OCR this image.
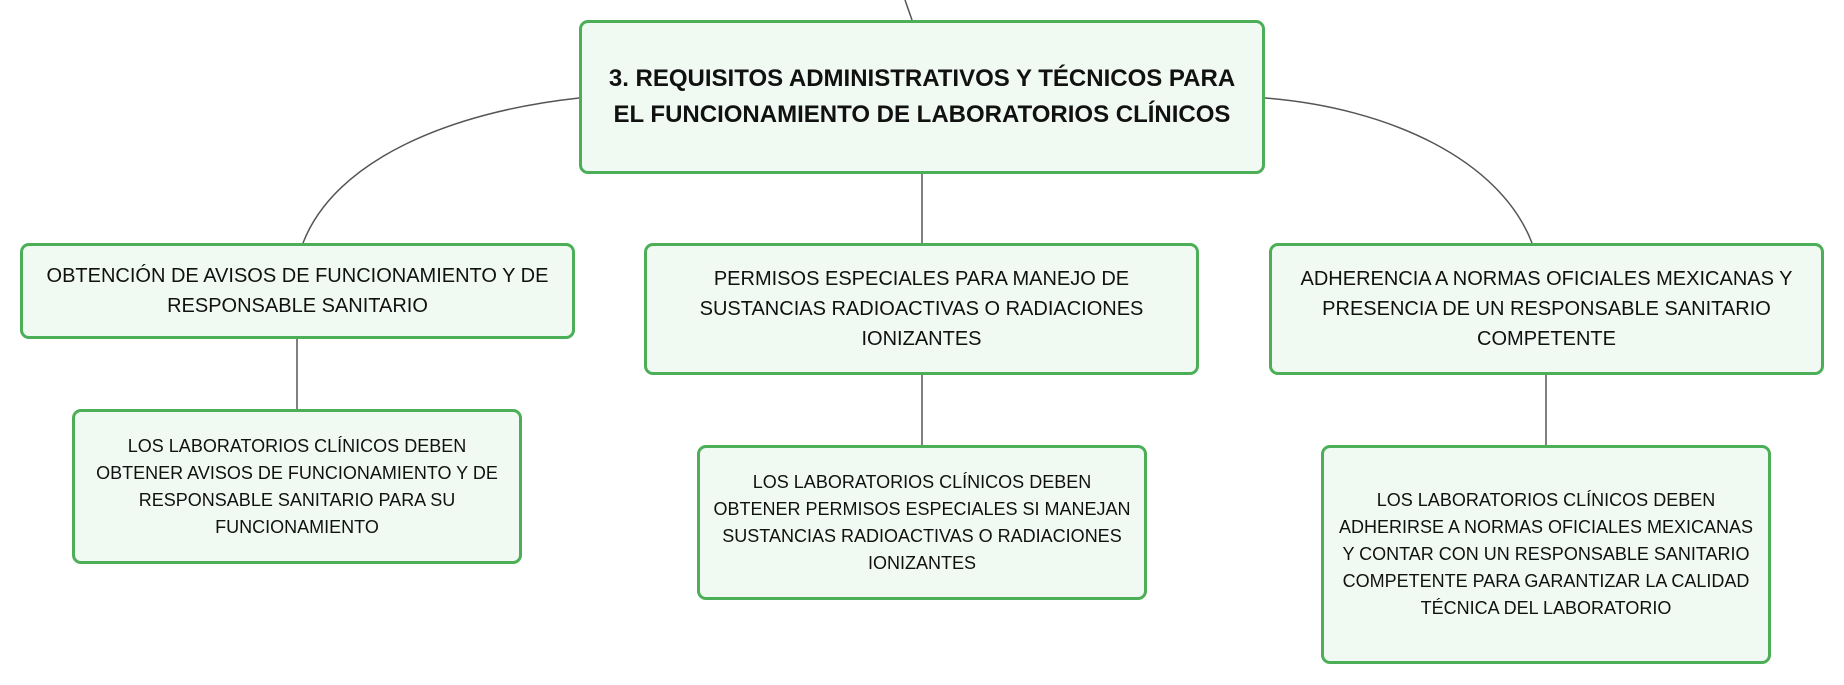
3. REQUISITOS ADMINISTRATIVOS Y TÉCNICOS PARA EL FUNCIONAMIENTO DE LABORATORIOS CLÍNICOS
OBTENCIÓN DE AVISOS DE FUNCIONAMIENTO Y DE RESPONSABLE SANITARIO
PERMISOS ESPECIALES PARA MANEJO DE SUSTANCIAS RADIOACTIVAS O RADIACIONES IONIZANTES
ADHERENCIA A NORMAS OFICIALES MEXICANAS Y PRESENCIA DE UN RESPONSABLE SANITARIO COMPETENTE
LOS LABORATORIOS CLÍNICOS DEBEN OBTENER AVISOS DE FUNCIONAMIENTO Y DE RESPONSABLE SANITARIO PARA SU FUNCIONAMIENTO
LOS LABORATORIOS CLÍNICOS DEBEN OBTENER PERMISOS ESPECIALES SI MANEJAN SUSTANCIAS RADIOACTIVAS O RADIACIONES IONIZANTES
LOS LABORATORIOS CLÍNICOS DEBEN ADHERIRSE A NORMAS OFICIALES MEXICANAS Y CONTAR CON UN RESPONSABLE SANITARIO COMPETENTE PARA GARANTIZAR LA CALIDAD TÉCNICA DEL LABORATORIO
